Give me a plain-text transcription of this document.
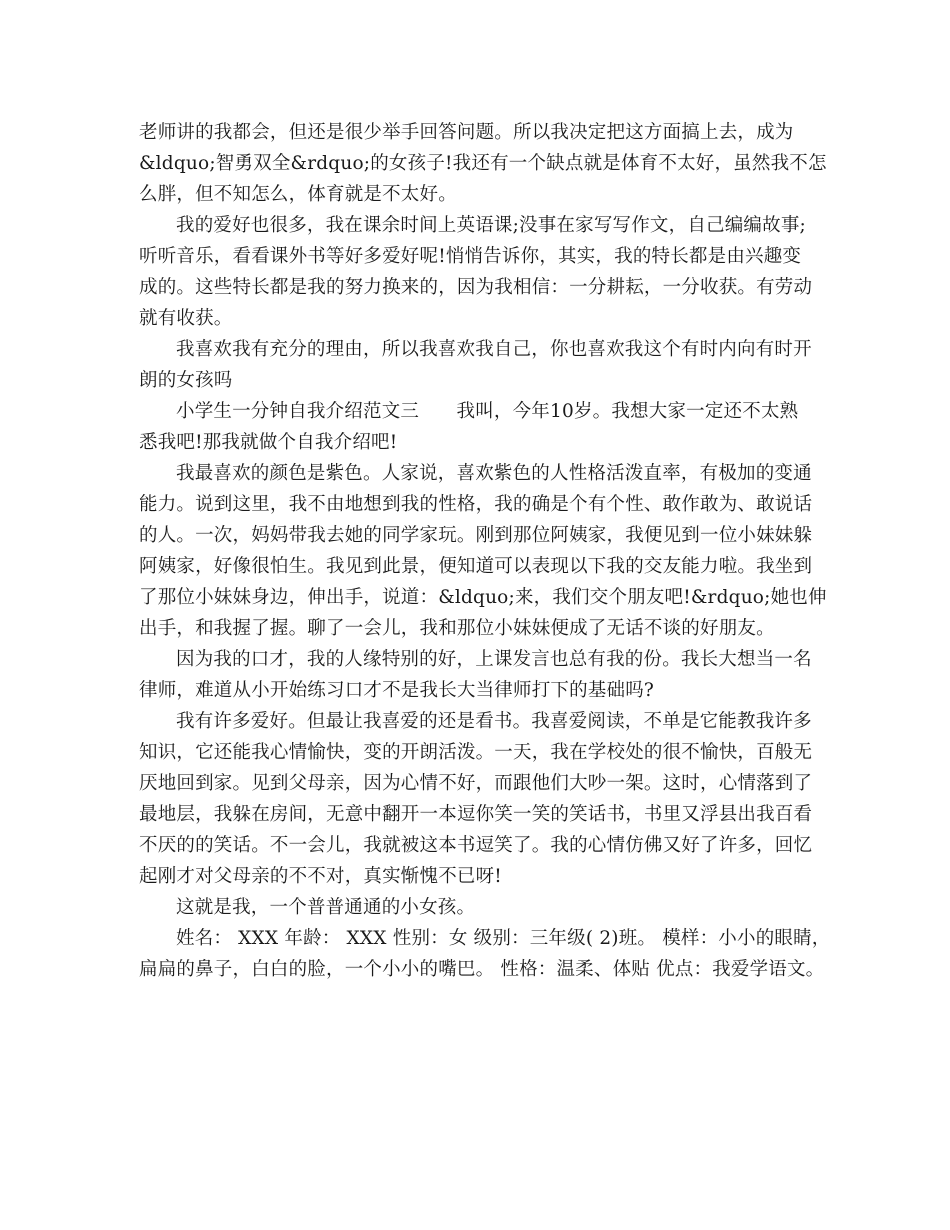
老师讲的我都会，但还是很少举手回答问题。所以我决定把这方面搞上去，成为
&ldquo;智勇双全&rdquo;的女孩子!我还有一个缺点就是体育不太好，虽然我不怎
么胖，但不知怎么，体育就是不太好。
我的爱好也很多，我在课余时间上英语课;没事在家写写作文，自己编编故事;
听听音乐，看看课外书等好多爱好呢!悄悄告诉你，其实，我的特长都是由兴趣变
成的。这些特长都是我的努力换来的，因为我相信：一分耕耘，一分收获。有劳动
就有收获。
我喜欢我有充分的理由，所以我喜欢我自己，你也喜欢我这个有时内向有时开
朗的女孩吗
小学生一分钟自我介绍范文三　　我叫，今年10岁。我想大家一定还不太熟
悉我吧!那我就做个自我介绍吧!
我最喜欢的颜色是紫色。人家说，喜欢紫色的人性格活泼直率，有极加的变通
能力。说到这里，我不由地想到我的性格，我的确是个有个性、敢作敢为、敢说话
的人。一次，妈妈带我去她的同学家玩。刚到那位阿姨家，我便见到一位小妹妹躲
阿姨家，好像很怕生。我见到此景，便知道可以表现以下我的交友能力啦。我坐到
了那位小妹妹身边，伸出手，说道：&ldquo;来，我们交个朋友吧!&rdquo;她也伸
出手，和我握了握。聊了一会儿，我和那位小妹妹便成了无话不谈的好朋友。
因为我的口才，我的人缘特别的好，上课发言也总有我的份。我长大想当一名
律师，难道从小开始练习口才不是我长大当律师打下的基础吗?
我有许多爱好。但最让我喜爱的还是看书。我喜爱阅读，不单是它能教我许多
知识，它还能我心情愉快，变的开朗活泼。一天，我在学校处的很不愉快，百般无
厌地回到家。见到父母亲，因为心情不好，而跟他们大吵一架。这时，心情落到了
最地层，我躲在房间，无意中翻开一本逗你笑一笑的笑话书，书里又浮县出我百看
不厌的的笑话。不一会儿，我就被这本书逗笑了。我的心情仿佛又好了许多，回忆
起刚才对父母亲的不不对，真实惭愧不已呀!
这就是我，一个普普通通的小女孩。
姓名： XXX 年龄： XXX 性别：女 级别：三年级( 2)班。 模样：小小的眼睛，
扁扁的鼻子，白白的脸，一个小小的嘴巴。 性格：温柔、体贴 优点：我爱学语文。
